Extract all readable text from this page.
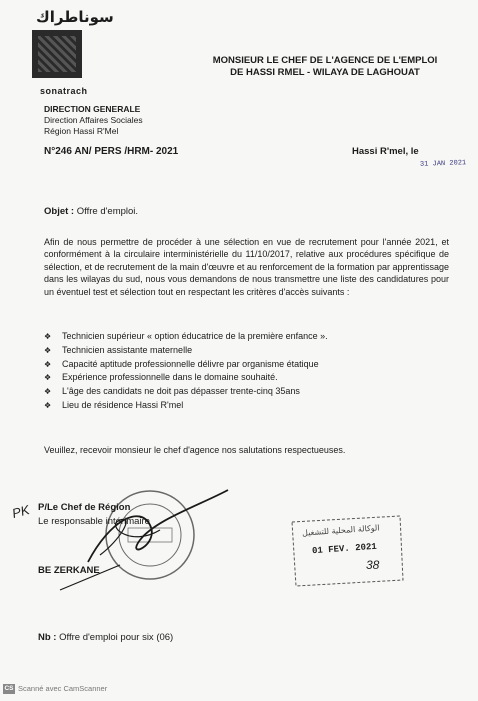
سوناطراك
sonatrach
MONSIEUR LE CHEF DE L'AGENCE DE L'EMPLOI
DE HASSI RMEL - WILAYA DE LAGHOUAT
DIRECTION GENERALE
Direction Affaires Sociales
Région Hassi R'Mel
N°246 AN/ PERS /HRM- 2021	Hassi R'mel, le
31 JAN 2021
Objet : Offre d'emploi.
Afin de nous permettre de procéder à une sélection en vue de recrutement pour l'année 2021, et conformément à la circulaire interministérielle du 11/10/2017, relative aux procédures spécifique de sélection, et de recrutement de la main d'œuvre et au renforcement de la formation par apprentissage dans les wilayas du sud, nous vous demandons de nous transmettre une liste des candidatures pour un éventuel test et sélection tout en respectant les critères d'accès suivants :
❖ Technicien supérieur « option éducatrice de la première enfance ».
❖ Technicien assistante maternelle
❖ Capacité aptitude professionnelle délivre par organisme étatique
❖ Expérience professionnelle dans le domaine souhaité.
❖ L'âge des candidats ne doit pas dépasser trente-cinq 35ans
❖ Lieu de résidence Hassi R'mel
Veuillez, recevoir monsieur le chef d'agence nos salutations respectueuses.
PK P/Le Chef de Région
Le responsable intérimaire
BE ZERKANE
الوكالة المحلية للتشغيل
01 FEV. 2021
38
Nb : Offre d'emploi pour six (06)
CS Scanné avec CamScanner
